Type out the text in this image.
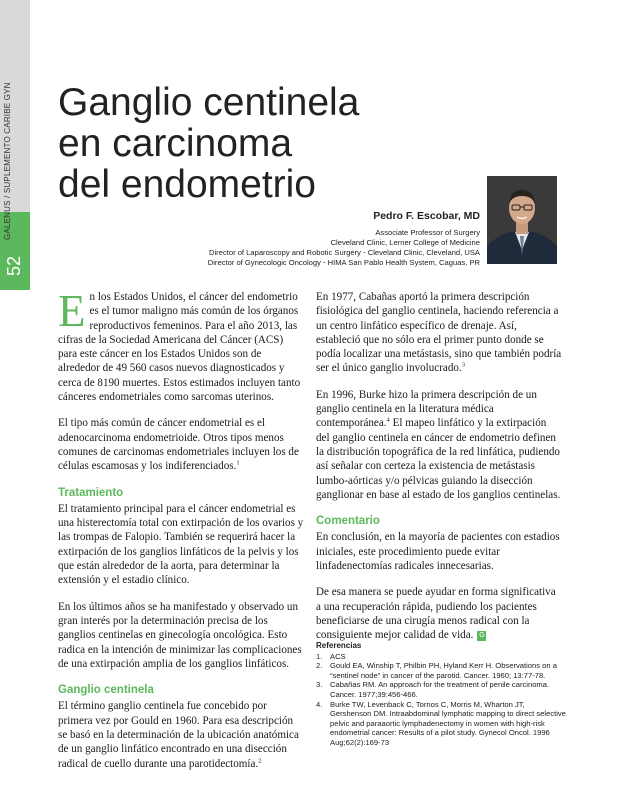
GALENUS / SUPLEMENTO CARIBE GYN
52
Ganglio centinela
en carcinoma
del endometrio
Pedro F. Escobar, MD
Associate Professor of Surgery
Cleveland Clinic, Lerner College of Medicine
Director of Laparoscopy and Robotic Surgery - Cleveland Clinic, Cleveland, USA
Director of Gynecologic Oncology - HIMA San Pablo Health System, Caguas, PR

En los Estados Unidos, el cáncer del endometrio es el tumor maligno más común de los órganos reproductivos femeninos. Para el año 2013, las cifras de la Sociedad Americana del Cáncer (ACS) para este cáncer en los Estados Unidos son de alrededor de 49 560 casos nuevos diagnosticados y cerca de 8190 muertes. Estos estimados incluyen tanto cánceres endometriales como sarcomas uterinos.

El tipo más común de cáncer endometrial es el adenocarcinoma endometrioide. Otros tipos menos comunes de carcinomas endometriales incluyen los de células escamosas y los indiferenciados.$^1$

Tratamiento

El tratamiento principal para el cáncer endometrial es una histerectomía total con extirpación de los ovarios y las trompas de Falopio. También se requerirá hacer la extirpación de los ganglios linfáticos de la pelvis y los que están alrededor de la aorta, para determinar la extensión y el estadio clínico.

En los últimos años se ha manifestado y observado un gran interés por la determinación precisa de los ganglios centinelas en ginecología oncológica. Esto radica en la intención de minimizar las complicaciones de una extirpación amplia de los ganglios linfáticos.

Ganglio centinela

El término ganglio centinela fue concebido por primera vez por Gould en 1960. Para esa descripción se basó en la determinación de la ubicación anatómica de un ganglio linfático encontrado en una disección radical de cuello durante una parotidectomía.$^2$

En 1977, Cabañas aportó la primera descripción fisiológica del ganglio centinela, haciendo referencia a un centro linfático específico de drenaje. Así, estableció que no sólo era el primer punto donde se podía localizar una metástasis, sino que también podría ser el único ganglio involucrado.$^3$

En 1996, Burke hizo la primera descripción de un ganglio centinela en la literatura médica contemporánea.$^4$ El mapeo linfático y la extirpación del ganglio centinela en cáncer de endometrio definen la distribución topográfica de la red linfática, pudiendo así señalar con certeza la existencia de metástasis lumbo-aórticas y/o pélvicas guiando la disección ganglionar en base al estado de los ganglios centinelas.

Comentario

En conclusión, en la mayoría de pacientes con estadios iniciales, este procedimiento puede evitar linfadenectomías radicales innecesarias.

De esa manera se puede ayudar en forma significativa a una recuperación rápida, pudiendo los pacientes beneficiarse de una cirugía menos radical con la consiguiente mejor calidad de vida. G

Referencias
1.	ACS
2.	Gould EA, Winship T, Philbin PH, Hyland Kerr H. Observations on a “sentinel node” in cancer of the parotid. Cancer. 1960; 13:77-78.
3.	Cabañas RM. An approach for the treatment of penile carcinoma. Cancer. 1977;39:456-466.
4.	Burke TW, Levenback C, Tornos C, Morris M, Wharton JT, Gershenson DM. Intraabdominal lymphatic mapping to direct selective pelvic and paraaortic lymphadenectomy in women with high-risk endometrial cancer: Results of a pilot study. Gynecol Oncol. 1996 Aug;62(2):169-73
